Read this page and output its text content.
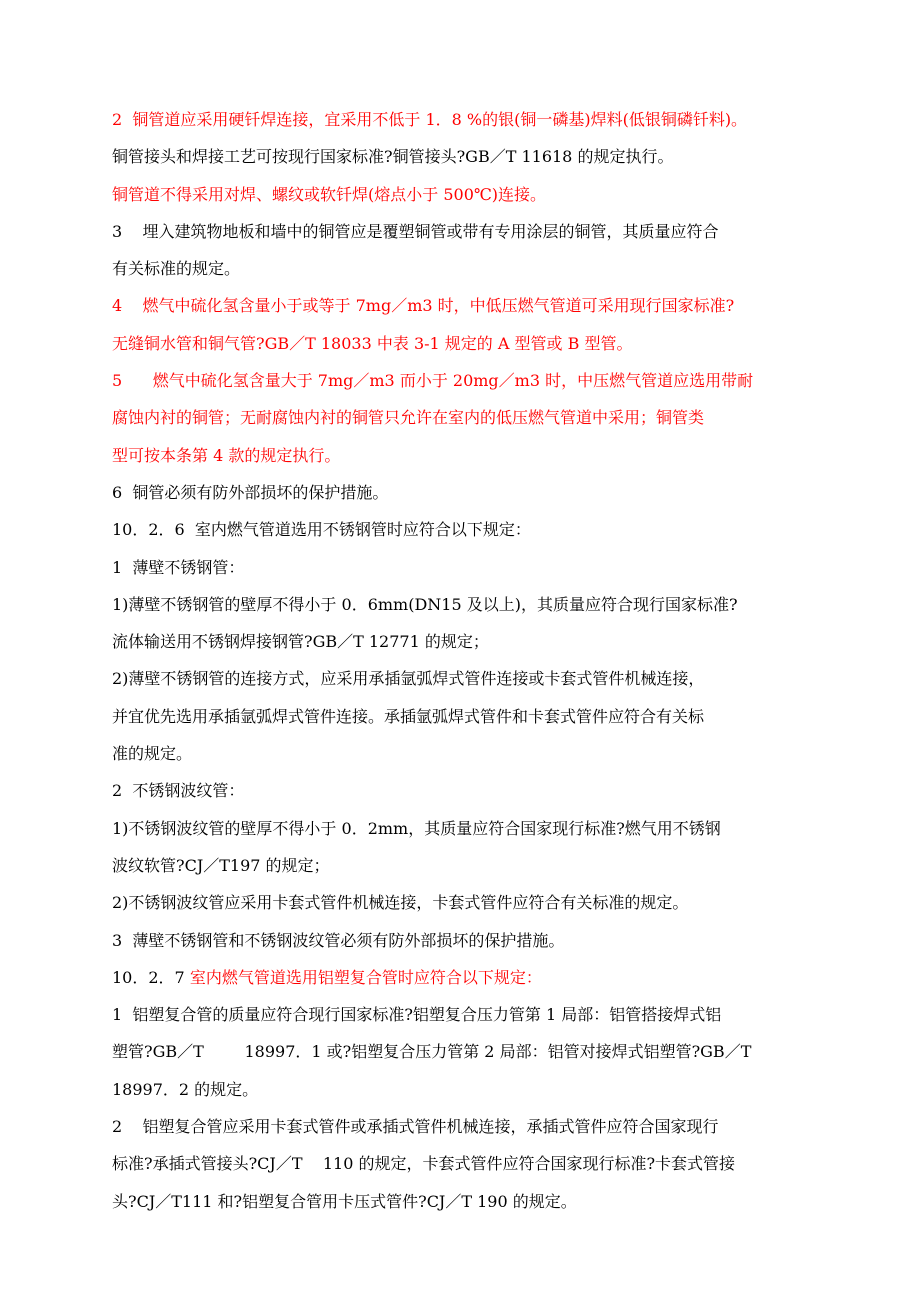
2  铜管道应采用硬钎焊连接，宜采用不低于 1．8 %的银(铜一磷基)焊料(低银铜磷钎料)。
铜管接头和焊接工艺可按现行国家标准?铜管接头?GB／T 11618 的规定执行。
铜管道不得采用对焊、螺纹或软钎焊(熔点小于 500℃)连接。
3    埋入建筑物地板和墙中的铜管应是覆塑铜管或带有专用涂层的铜管，其质量应符合
有关标准的规定。
4    燃气中硫化氢含量小于或等于 7mg／m3 时，中低压燃气管道可采用现行国家标准?
无缝铜水管和铜气管?GB／T 18033 中表 3-1 规定的 A 型管或 B 型管。
5      燃气中硫化氢含量大于 7mg／m3 而小于 20mg／m3 时，中压燃气管道应选用带耐
腐蚀内衬的铜管；无耐腐蚀内衬的铜管只允许在室内的低压燃气管道中采用；铜管类
型可按本条第 4 款的规定执行。
6  铜管必须有防外部损坏的保护措施。
10．2．6  室内燃气管道选用不锈钢管时应符合以下规定：
1  薄壁不锈钢管：
1)薄壁不锈钢管的壁厚不得小于 0．6mm(DN15 及以上)，其质量应符合现行国家标准?
流体输送用不锈钢焊接钢管?GB／T 12771 的规定；
2)薄壁不锈钢管的连接方式，应采用承插氩弧焊式管件连接或卡套式管件机械连接，
并宜优先选用承插氩弧焊式管件连接。承插氩弧焊式管件和卡套式管件应符合有关标
准的规定。
2  不锈钢波纹管：
1)不锈钢波纹管的壁厚不得小于 0．2mm，其质量应符合国家现行标准?燃气用不锈钢
波纹软管?CJ／T197 的规定；
2)不锈钢波纹管应采用卡套式管件机械连接，卡套式管件应符合有关标准的规定。
3  薄壁不锈钢管和不锈钢波纹管必须有防外部损坏的保护措施。
10．2．7 室内燃气管道选用铝塑复合管时应符合以下规定：
1  铝塑复合管的质量应符合现行国家标准?铝塑复合压力管第 1 局部：铝管搭接焊式铝
塑管?GB／T        18997．1 或?铝塑复合压力管第 2 局部：铝管对接焊式铝塑管?GB／T
18997．2 的规定。
2    铝塑复合管应采用卡套式管件或承插式管件机械连接，承插式管件应符合国家现行
标准?承插式管接头?CJ／T    110 的规定，卡套式管件应符合国家现行标准?卡套式管接
头?CJ／T111 和?铝塑复合管用卡压式管件?CJ／T 190 的规定。
